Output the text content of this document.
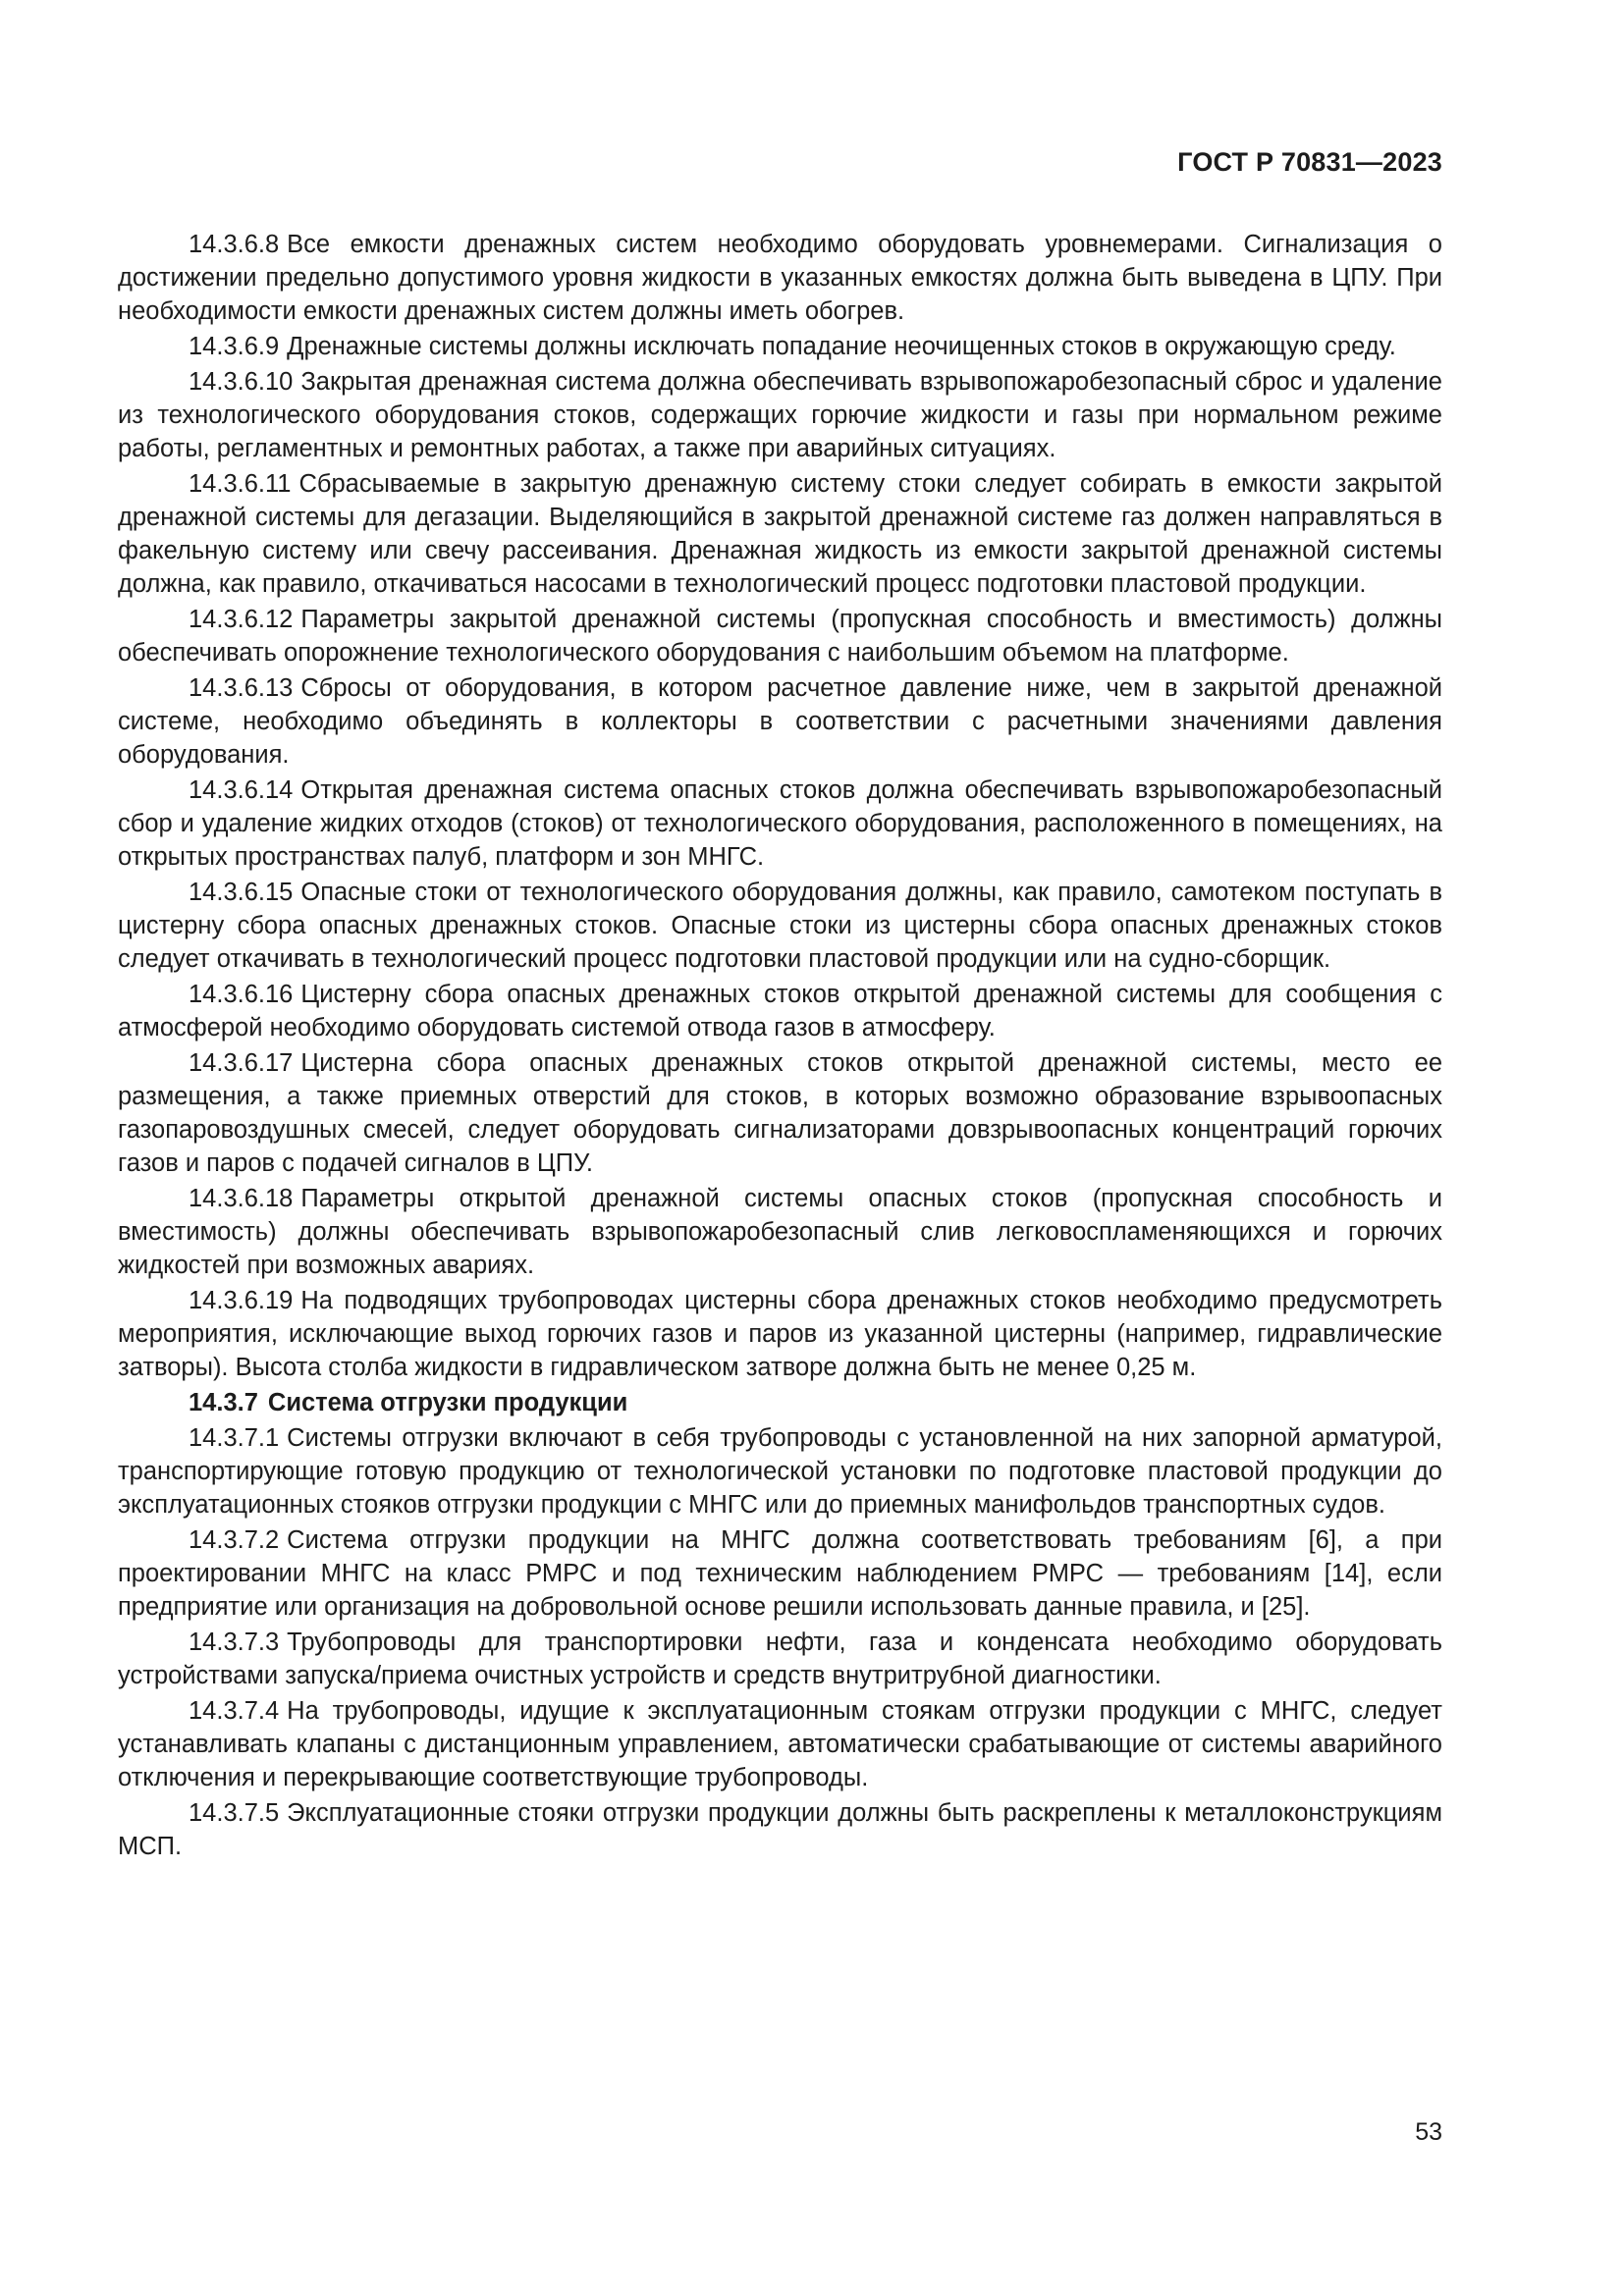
ГОСТ Р 70831—2023

14.3.6.8 Все емкости дренажных систем необходимо оборудовать уровнемерами. Сигнализация о достижении предельно допустимого уровня жидкости в указанных емкостях должна быть выведена в ЦПУ. При необходимости емкости дренажных систем должны иметь обогрев.

14.3.6.9 Дренажные системы должны исключать попадание неочищенных стоков в окружающую среду.

14.3.6.10 Закрытая дренажная система должна обеспечивать взрывопожаробезопасный сброс и удаление из технологического оборудования стоков, содержащих горючие жидкости и газы при нормальном режиме работы, регламентных и ремонтных работах, а также при аварийных ситуациях.

14.3.6.11 Сбрасываемые в закрытую дренажную систему стоки следует собирать в емкости закрытой дренажной системы для дегазации. Выделяющийся в закрытой дренажной системе газ должен направляться в факельную систему или свечу рассеивания. Дренажная жидкость из емкости закрытой дренажной системы должна, как правило, откачиваться насосами в технологический процесс подготовки пластовой продукции.

14.3.6.12 Параметры закрытой дренажной системы (пропускная способность и вместимость) должны обеспечивать опорожнение технологического оборудования с наибольшим объемом на платформе.

14.3.6.13 Сбросы от оборудования, в котором расчетное давление ниже, чем в закрытой дренажной системе, необходимо объединять в коллекторы в соответствии с расчетными значениями давления оборудования.

14.3.6.14 Открытая дренажная система опасных стоков должна обеспечивать взрывопожаробезопасный сбор и удаление жидких отходов (стоков) от технологического оборудования, расположенного в помещениях, на открытых пространствах палуб, платформ и зон МНГС.

14.3.6.15 Опасные стоки от технологического оборудования должны, как правило, самотеком поступать в цистерну сбора опасных дренажных стоков. Опасные стоки из цистерны сбора опасных дренажных стоков следует откачивать в технологический процесс подготовки пластовой продукции или на судно-сборщик.

14.3.6.16 Цистерну сбора опасных дренажных стоков открытой дренажной системы для сообщения с атмосферой необходимо оборудовать системой отвода газов в атмосферу.

14.3.6.17 Цистерна сбора опасных дренажных стоков открытой дренажной системы, место ее размещения, а также приемных отверстий для стоков, в которых возможно образование взрывоопасных газопаровоздушных смесей, следует оборудовать сигнализаторами довзрывоопасных концентраций горючих газов и паров с подачей сигналов в ЦПУ.

14.3.6.18 Параметры открытой дренажной системы опасных стоков (пропускная способность и вместимость) должны обеспечивать взрывопожаробезопасный слив легковоспламеняющихся и горючих жидкостей при возможных авариях.

14.3.6.19 На подводящих трубопроводах цистерны сбора дренажных стоков необходимо предусмотреть мероприятия, исключающие выход горючих газов и паров из указанной цистерны (например, гидравлические затворы). Высота столба жидкости в гидравлическом затворе должна быть не менее 0,25 м.

14.3.7 Система отгрузки продукции

14.3.7.1 Системы отгрузки включают в себя трубопроводы с установленной на них запорной арматурой, транспортирующие готовую продукцию от технологической установки по подготовке пластовой продукции до эксплуатационных стояков отгрузки продукции с МНГС или до приемных манифольдов транспортных судов.

14.3.7.2 Система отгрузки продукции на МНГС должна соответствовать требованиям [6], а при проектировании МНГС на класс РМРС и под техническим наблюдением РМРС — требованиям [14], если предприятие или организация на добровольной основе решили использовать данные правила, и [25].

14.3.7.3 Трубопроводы для транспортировки нефти, газа и конденсата необходимо оборудовать устройствами запуска/приема очистных устройств и средств внутритрубной диагностики.

14.3.7.4 На трубопроводы, идущие к эксплуатационным стоякам отгрузки продукции с МНГС, следует устанавливать клапаны с дистанционным управлением, автоматически срабатывающие от системы аварийного отключения и перекрывающие соответствующие трубопроводы.

14.3.7.5 Эксплуатационные стояки отгрузки продукции должны быть раскреплены к металлоконструкциям МСП.

53
